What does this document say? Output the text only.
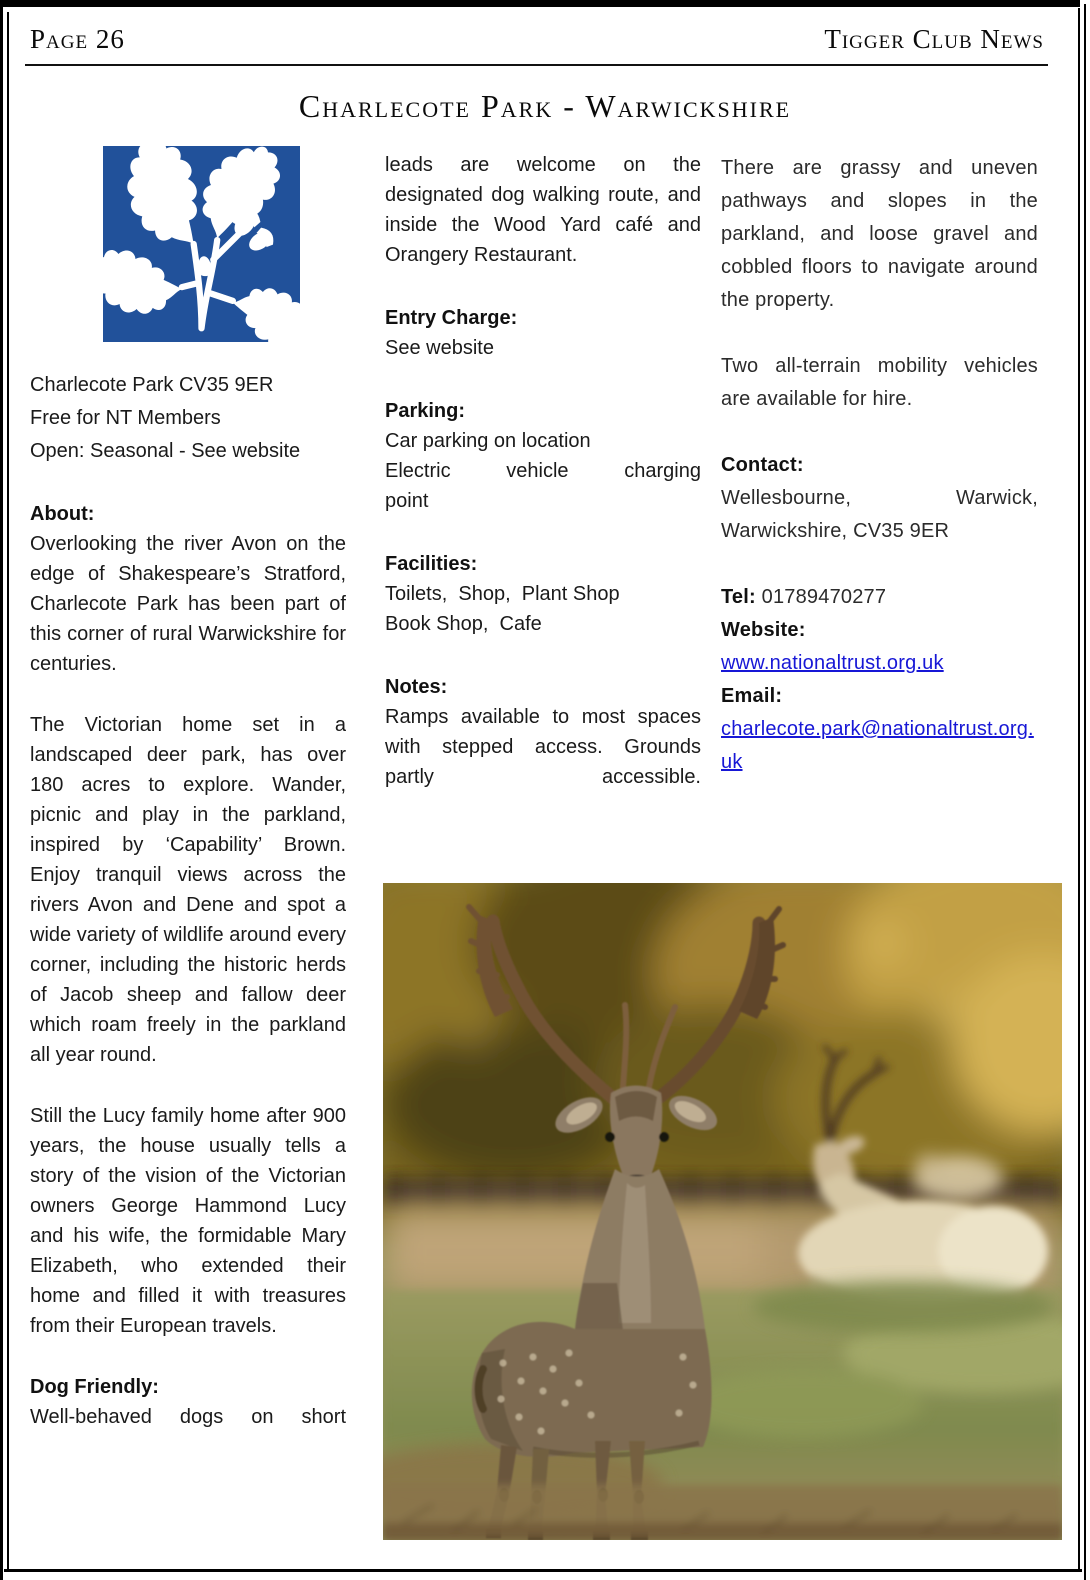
Page 26	Tigger Club News
Charlecote Park - Warwickshire

Charlecote Park CV35 9ER
Free for NT Members
Open: Seasonal - See website

About:
Overlooking the river Avon on the edge of Shakespeare’s Stratford, Charlecote Park has been part of this corner of rural Warwickshire for centuries.

The Victorian home set in a landscaped deer park, has over 180 acres to explore. Wander, picnic and play in the parkland, inspired by ‘Capability’ Brown. Enjoy tranquil views across the rivers Avon and Dene and spot a wide variety of wildlife around every corner, including the historic herds of Jacob sheep and fallow deer which roam freely in the parkland all year round.

Still the Lucy family home after 900 years, the house usually tells a story of the vision of the Victorian owners George Hammond Lucy and his wife, the formidable Mary Elizabeth, who extended their home and filled it with treasures from their European travels.

Dog Friendly:
Well-behaved dogs on short

leads are welcome on the designated dog walking route, and inside the Wood Yard café and Orangery Restaurant.

Entry Charge:
See website

Parking:
Car parking on location
Electric vehicle charging
point

Facilities:
Toilets,  Shop,  Plant Shop
Book Shop,  Cafe

Notes:
Ramps available to most spaces with stepped access. Grounds partly accessible.

There are grassy and uneven pathways and slopes in the parkland, and loose gravel and cobbled floors to navigate around the property.

Two all-terrain mobility vehicles are available for hire.

Contact:
Wellesbourne, Warwick, Warwickshire, CV35 9ER

Tel: 01789470277
Website:
www.nationaltrust.org.uk
Email:
charlecote.park@nationaltrust.org.uk
